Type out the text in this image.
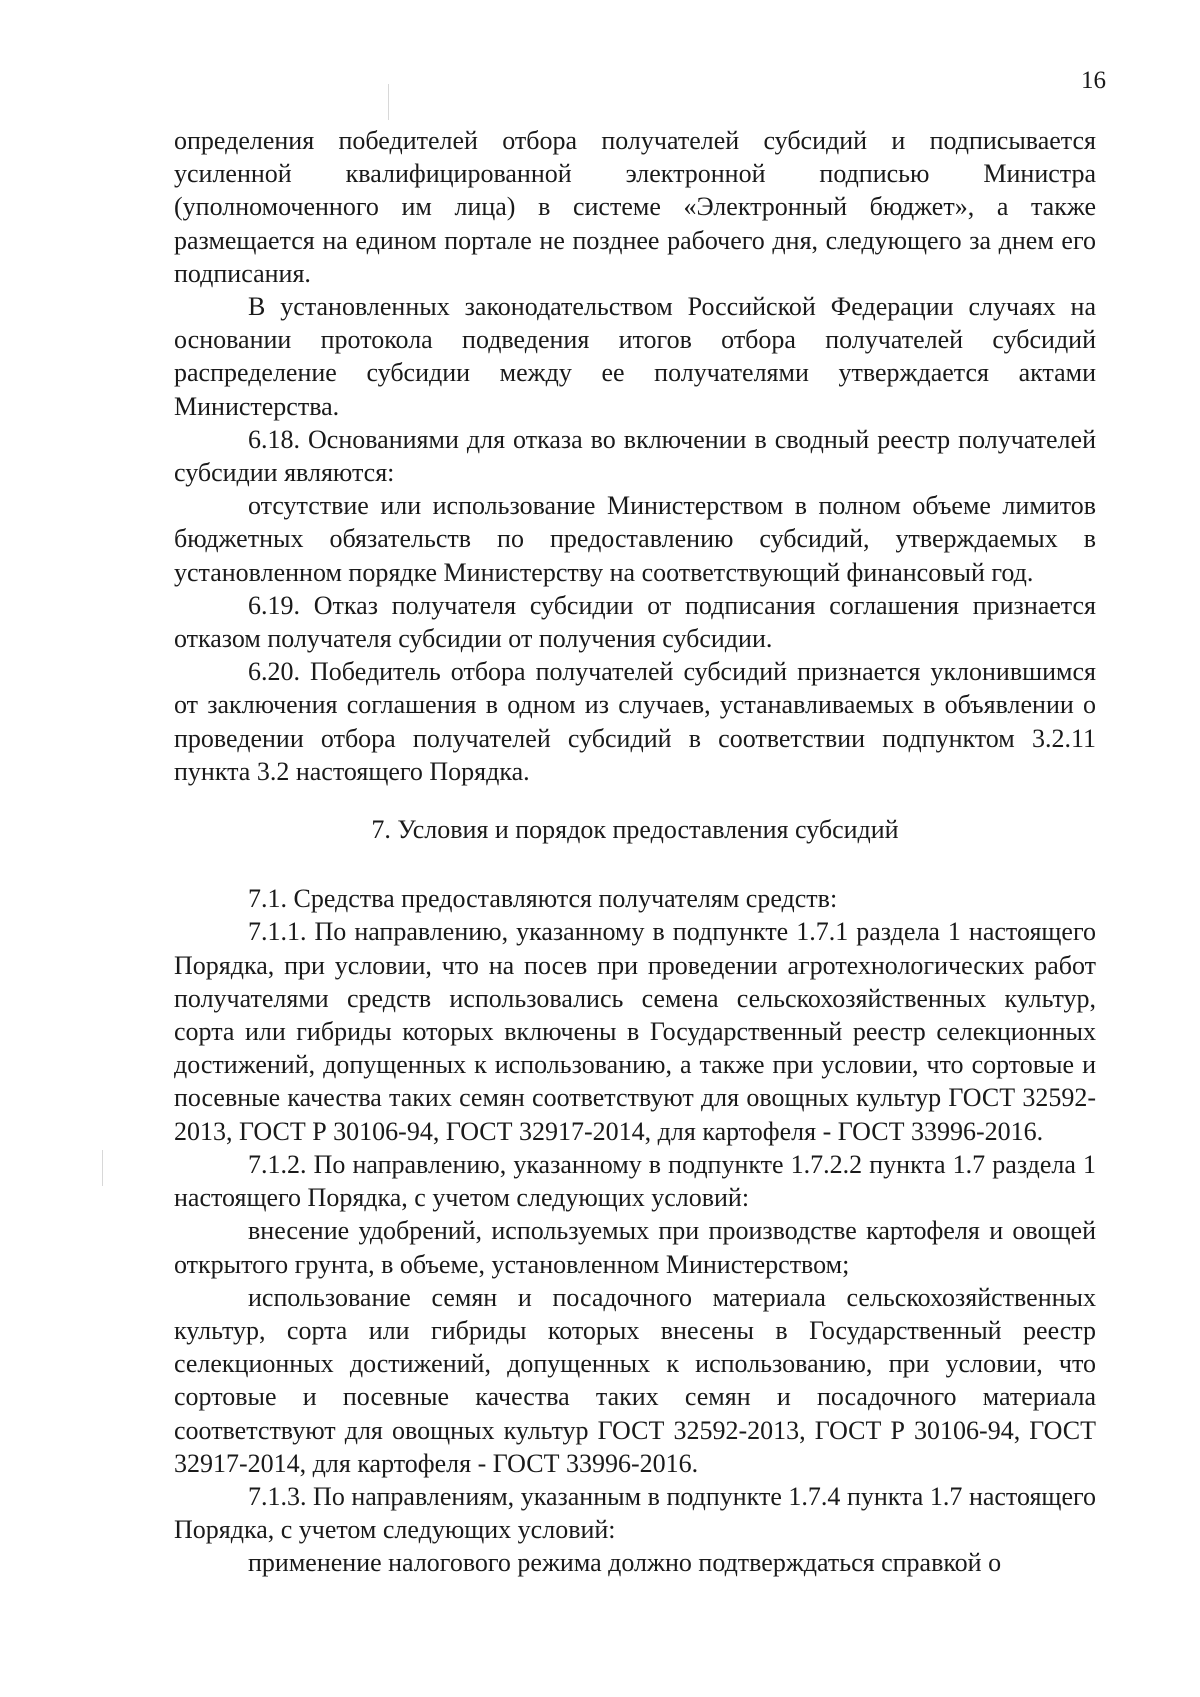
16

определения победителей отбора получателей субсидий и подписывается усиленной квалифицированной электронной подписью Министра (уполномоченного им лица) в системе «Электронный бюджет», а также размещается на едином портале не позднее рабочего дня, следующего за днем его подписания.

В установленных законодательством Российской Федерации случаях на основании протокола подведения итогов отбора получателей субсидий распределение субсидии между ее получателями утверждается актами Министерства.

6.18. Основаниями для отказа во включении в сводный реестр получателей субсидии являются:

отсутствие или использование Министерством в полном объеме лимитов бюджетных обязательств по предоставлению субсидий, утверждаемых в установленном порядке Министерству на соответствующий финансовый год.

6.19. Отказ получателя субсидии от подписания соглашения признается отказом получателя субсидии от получения субсидии.

6.20. Победитель отбора получателей субсидий признается уклонившимся от заключения соглашения в одном из случаев, устанавливаемых в объявлении о проведении отбора получателей субсидий в соответствии подпунктом 3.2.11 пункта 3.2 настоящего Порядка.

7. Условия и порядок предоставления субсидий

7.1. Средства предоставляются получателям средств:

7.1.1. По направлению, указанному в подпункте 1.7.1 раздела 1 настоящего Порядка, при условии, что на посев при проведении агротехнологических работ получателями средств использовались семена сельскохозяйственных культур, сорта или гибриды которых включены в Государственный реестр селекционных достижений, допущенных к использованию, а также при условии, что сортовые и посевные качества таких семян соответствуют для овощных культур ГОСТ 32592-2013, ГОСТ Р 30106-94, ГОСТ 32917-2014, для картофеля - ГОСТ 33996-2016.

7.1.2. По направлению, указанному в подпункте 1.7.2.2 пункта 1.7 раздела 1 настоящего Порядка, с учетом следующих условий:

внесение удобрений, используемых при производстве картофеля и овощей открытого грунта, в объеме, установленном Министерством;

использование семян и посадочного материала сельскохозяйственных культур, сорта или гибриды которых внесены в Государственный реестр селекционных достижений, допущенных к использованию, при условии, что сортовые и посевные качества таких семян и посадочного материала соответствуют для овощных культур ГОСТ 32592-2013, ГОСТ Р 30106-94, ГОСТ 32917-2014, для картофеля - ГОСТ 33996-2016.

7.1.3. По направлениям, указанным в подпункте 1.7.4 пункта 1.7 настоящего Порядка, с учетом следующих условий:

применение налогового режима должно подтверждаться справкой о
